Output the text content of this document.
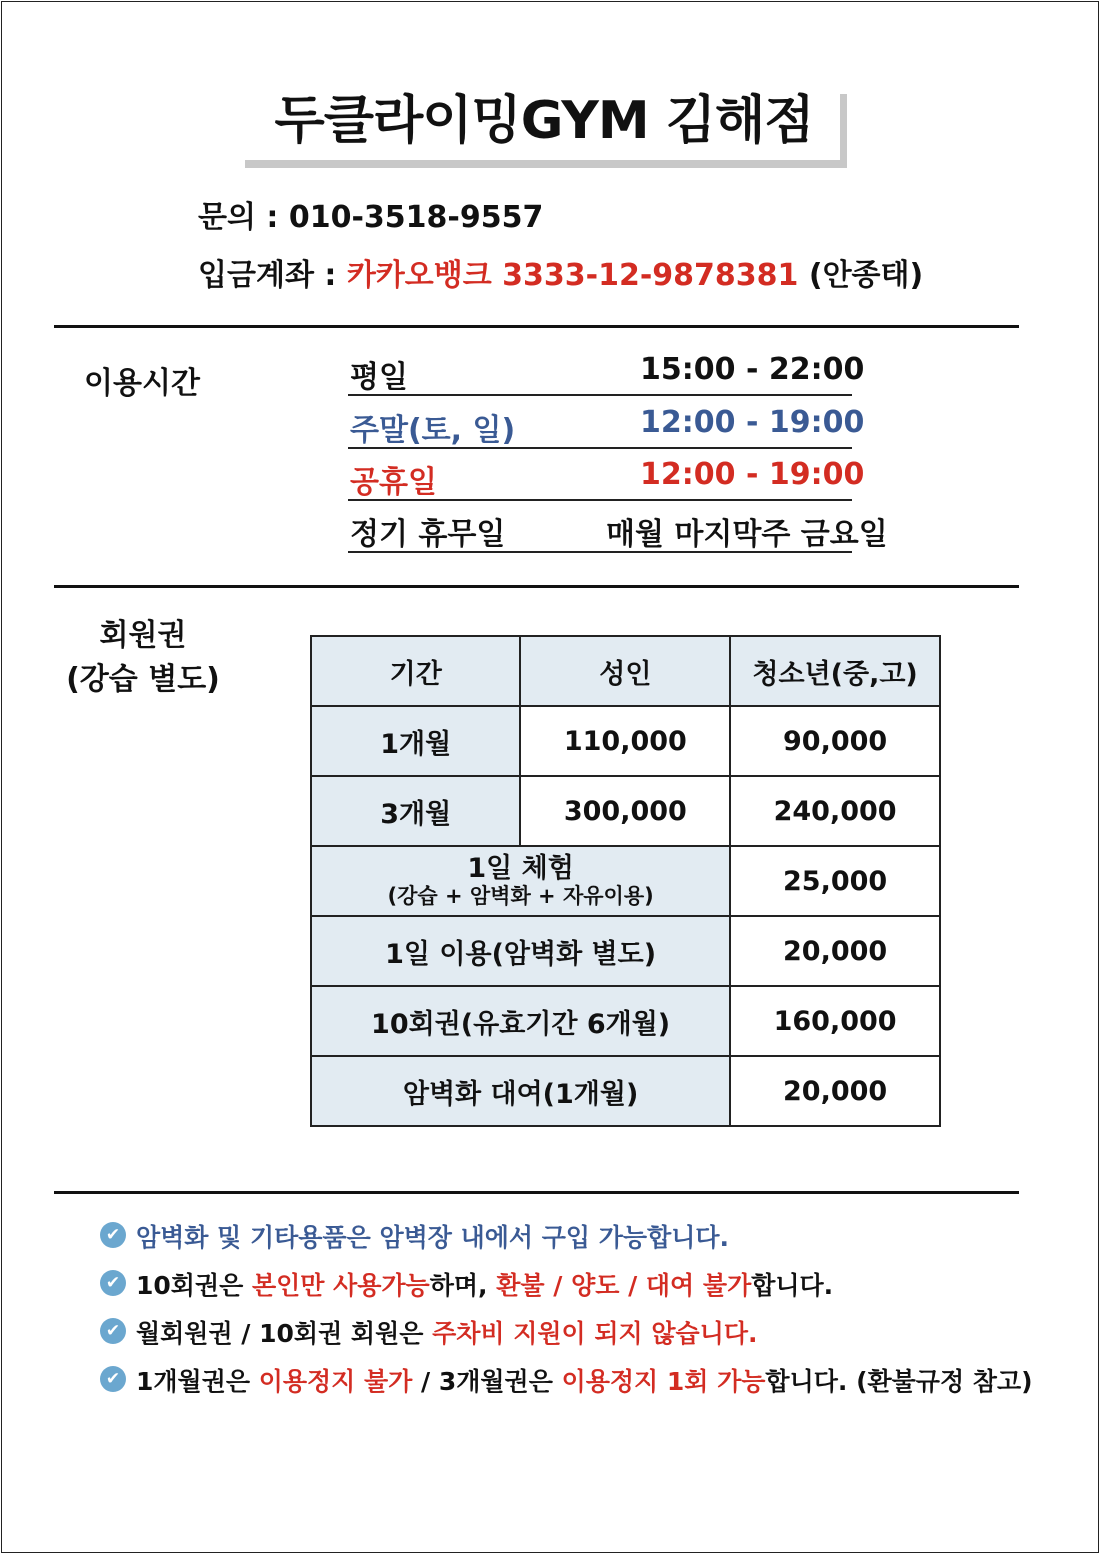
두클라이밍GYM 김해점
문의 : 010-3518-9557
입금계좌 : 카카오뱅크 3333-12-9878381 (안종태)
이용시간	평일	15:00 - 22:00
주말(토, 일)	12:00 - 19:00
공휴일	12:00 - 19:00
정기 휴무일	매월 마지막주 금요일
회원권
(강습 별도)	기간	성인	청소년(중,고)
1개월	110,000	90,000
3개월	300,000	240,000

1일 체험
(강습 + 암벽화 + 자유이용)		25,000
1일 이용(암벽화 별도)		20,000
10회권(유효기간 6개월)		160,000
암벽화 대여(1개월)		20,000
✔ 암벽화 및 기타용품은 암벽장 내에서 구입 가능합니다.
✔ 10회권은 본인만 사용가능하며, 환불 / 양도 / 대여 불가합니다.
✔ 월회원권 / 10회권 회원은 주차비 지원이 되지 않습니다.
✔ 1개월권은 이용정지 불가 / 3개월권은 이용정지 1회 가능합니다. (환불규정 참고)
